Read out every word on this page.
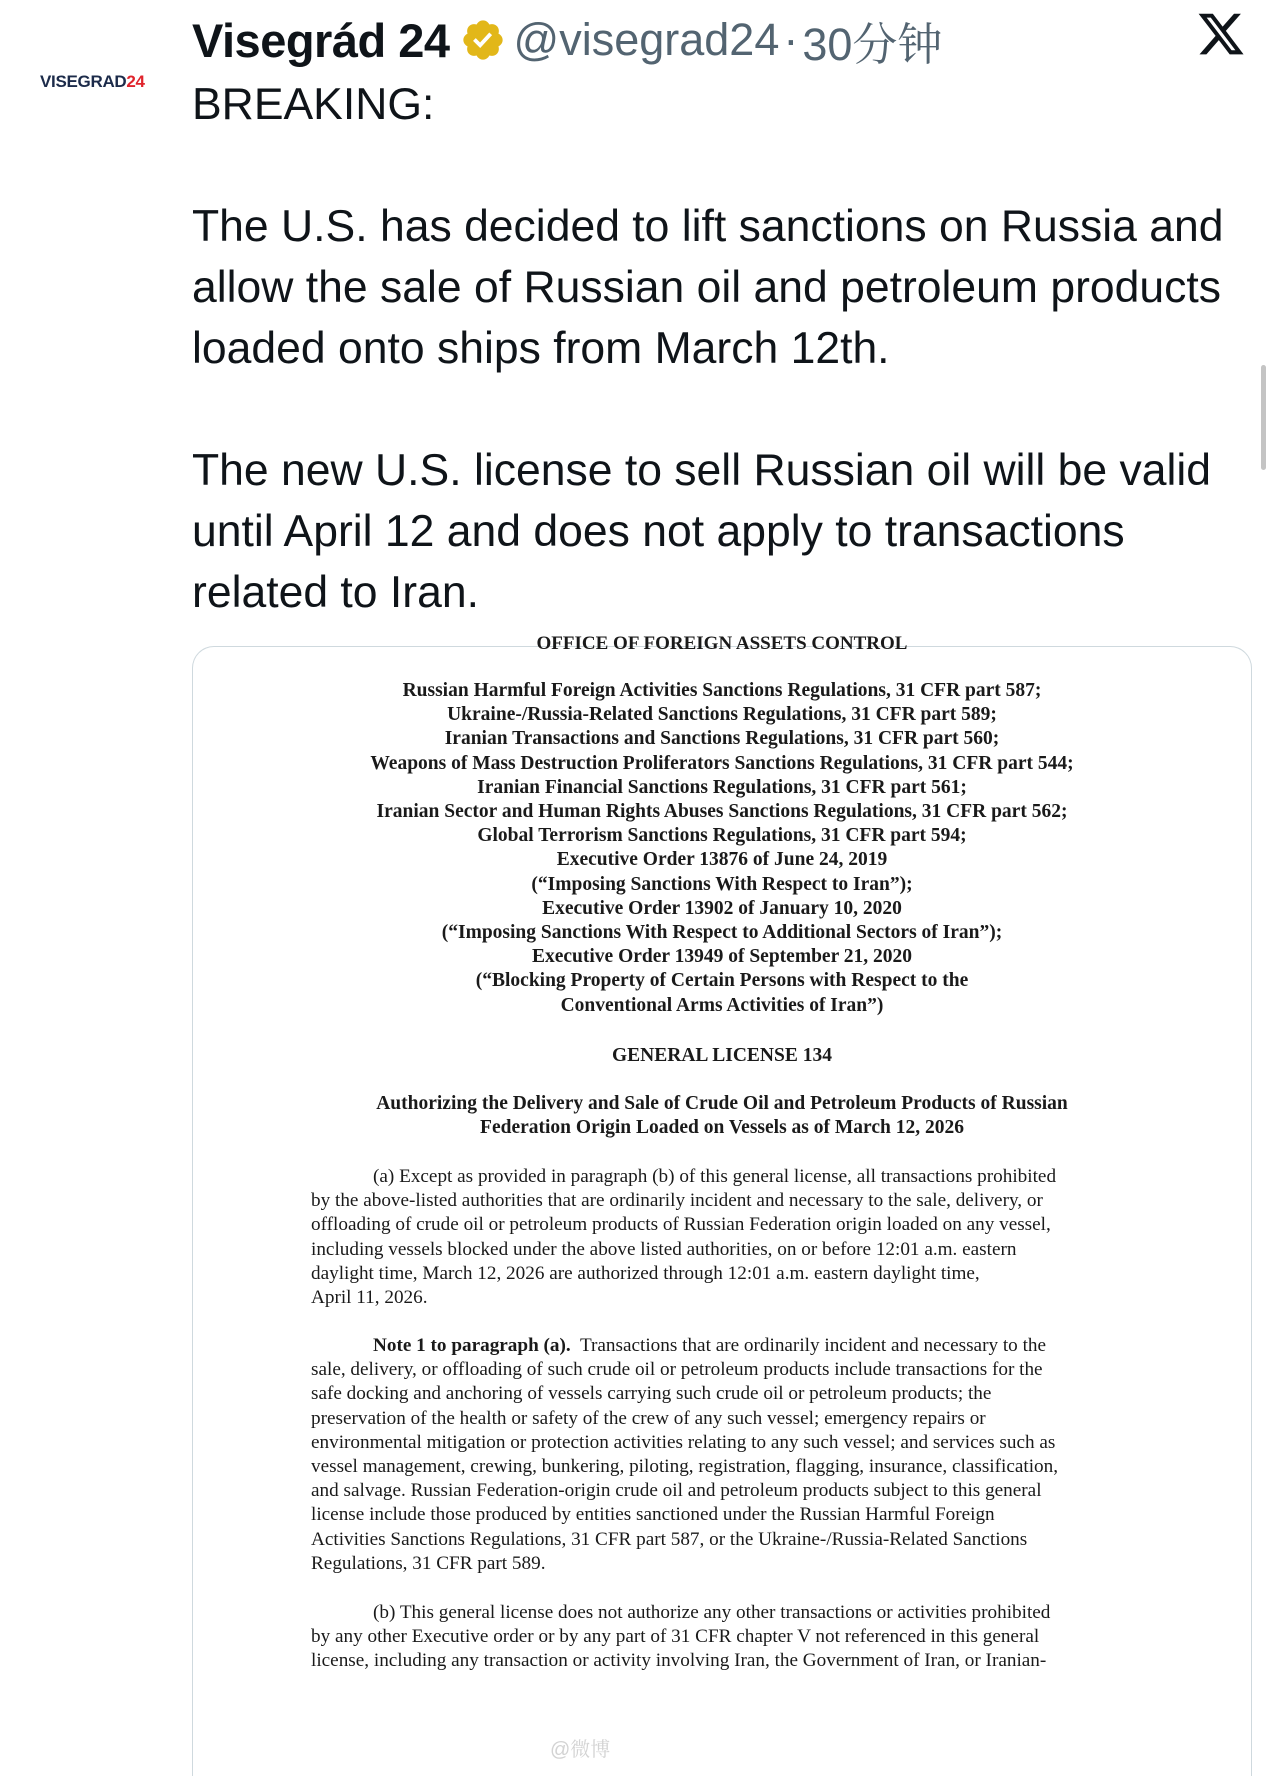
VISEGRAD24
Visegrád 24 @visegrad24 · 30分钟

BREAKING:

The U.S. has decided to lift sanctions on Russia and allow the sale of Russian oil and petroleum products loaded onto ships from March 12th.

The new U.S. license to sell Russian oil will be valid until April 12 and does not apply to transactions related to Iran.

OFFICE OF FOREIGN ASSETS CONTROL
Russian Harmful Foreign Activities Sanctions Regulations, 31 CFR part 587;
Ukraine-/Russia-Related Sanctions Regulations, 31 CFR part 589;
Iranian Transactions and Sanctions Regulations, 31 CFR part 560;
Weapons of Mass Destruction Proliferators Sanctions Regulations, 31 CFR part 544;
Iranian Financial Sanctions Regulations, 31 CFR part 561;
Iranian Sector and Human Rights Abuses Sanctions Regulations, 31 CFR part 562;
Global Terrorism Sanctions Regulations, 31 CFR part 594;
Executive Order 13876 of June 24, 2019
(“Imposing Sanctions With Respect to Iran”);
Executive Order 13902 of January 10, 2020
(“Imposing Sanctions With Respect to Additional Sectors of Iran”);
Executive Order 13949 of September 21, 2020
(“Blocking Property of Certain Persons with Respect to the
Conventional Arms Activities of Iran”)
GENERAL LICENSE 134
Authorizing the Delivery and Sale of Crude Oil and Petroleum Products of Russian
Federation Origin Loaded on Vessels as of March 12, 2026
(a) Except as provided in paragraph (b) of this general license, all transactions prohibited
by the above-listed authorities that are ordinarily incident and necessary to the sale, delivery, or
offloading of crude oil or petroleum products of Russian Federation origin loaded on any vessel,
including vessels blocked under the above listed authorities, on or before 12:01 a.m. eastern
daylight time, March 12, 2026 are authorized through 12:01 a.m. eastern daylight time,
April 11, 2026.
Note 1 to paragraph (a). Transactions that are ordinarily incident and necessary to the
sale, delivery, or offloading of such crude oil or petroleum products include transactions for the
safe docking and anchoring of vessels carrying such crude oil or petroleum products; the
preservation of the health or safety of the crew of any such vessel; emergency repairs or
environmental mitigation or protection activities relating to any such vessel; and services such as
vessel management, crewing, bunkering, piloting, registration, flagging, insurance, classification,
and salvage. Russian Federation-origin crude oil and petroleum products subject to this general
license include those produced by entities sanctioned under the Russian Harmful Foreign
Activities Sanctions Regulations, 31 CFR part 587, or the Ukraine-/Russia-Related Sanctions
Regulations, 31 CFR part 589.
(b) This general license does not authorize any other transactions or activities prohibited
by any other Executive order or by any part of 31 CFR chapter V not referenced in this general
license, including any transaction or activity involving Iran, the Government of Iran, or Iranian-
@微博
